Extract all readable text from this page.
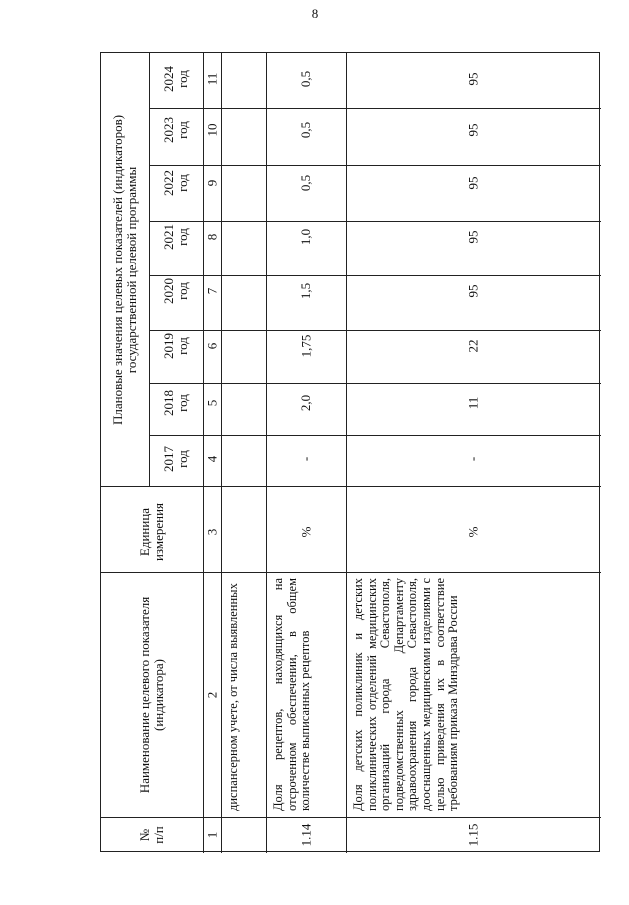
8
№ п/п
Наименование целевого показателя (индикатора)
Единица измерения
Плановые значения целевых показателей (индикаторов) государственной целевой программы
2017 год
2018 год
2019 год
2020 год
2021 год
2022 год
2023 год
2024 год
1
2
3
4
5
6
7
8
9
10
11
диспансерном учете, от числа выявленных
1.14
%
-
2,0
1,75
1,5
1,0
0,5
0,5
0,5
Доля рецептов, находящихся на отсроченном обеспечении, в общем количестве выписанных рецептов
1.15
%
-
11
22
95
95
95
95
95
Доля детских поликлиник и детских поликлинических отделений медицинских организаций города Севастополя, подведомственных Департаменту здравоохранения города Севастополя, дооснащенных медицинскими изделиями с целью приведения их в соответствие требованиям приказа Минздрава России
